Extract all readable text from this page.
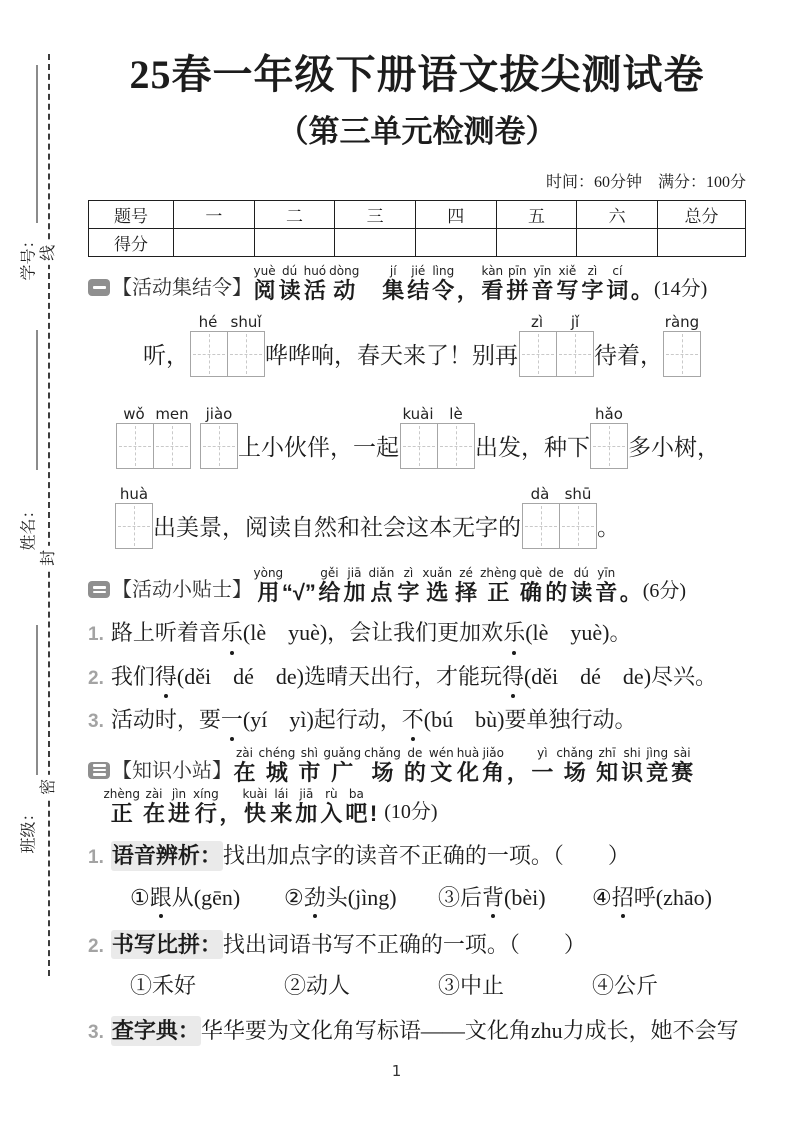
学号：
姓名：
班级：
线
封
密
25春一年级下册语文拔尖测试卷
（第三单元检测卷）
时间：60分钟　满分：100分
题号	一	二	三	四	五	六	总分
得分							
【活动集结令】 阅yuè读dú活huó动dòng　集jí结jié令lìng， 看kàn拼pīn音yīn写xiě字zì词cí。 (14分)
听，
hé shuǐ
哗哗响，春天来了！别再
zì	jǐ
待着，
ràng
wǒ men	jiào
上小伙伴，一起
kuài	lè
出发，种下
hǎo
多小树，
huà
出美景，阅读自然和社会这本无字的
dà	shū
。
【活动小贴士】 用yòng“√” 给gěi加jiā点diǎn字zì选xuǎn择zé正zhèng确què的de读dú音yīn。 (6分)
1. 路上听着音乐(lè　yuè)，会让我们更加欢乐(lè　yuè)。
2. 我们得(děi　dé　de)选晴天出行，才能玩得(děi　dé　de)尽兴。
3. 活动时，要一(yí　yì)起行动，不(bú　bù)要单独行动。
【知识小站】 在zài城chéng市shì广guǎng场chǎng的de文wén化huà角jiǎo， 一yì场chǎng知zhī识shi竞jìng赛sài
正zhèng在zài进jìn行xíng，快kuài来lái加jiā入rù吧ba! (10分)
1. 语音辨析： 找出加点字的读音不正确的一项。（　　）
①跟从(gēn)	②劲头(jìng)	③后背(bèi)	④招呼(zhāo)
2. 书写比拼： 找出词语书写不正确的一项。（　　）
①禾好	②动人	③中止	④公斤
3. 查字典： 华华要为文化角写标语——文化角zhu力成长，她不会写
1
